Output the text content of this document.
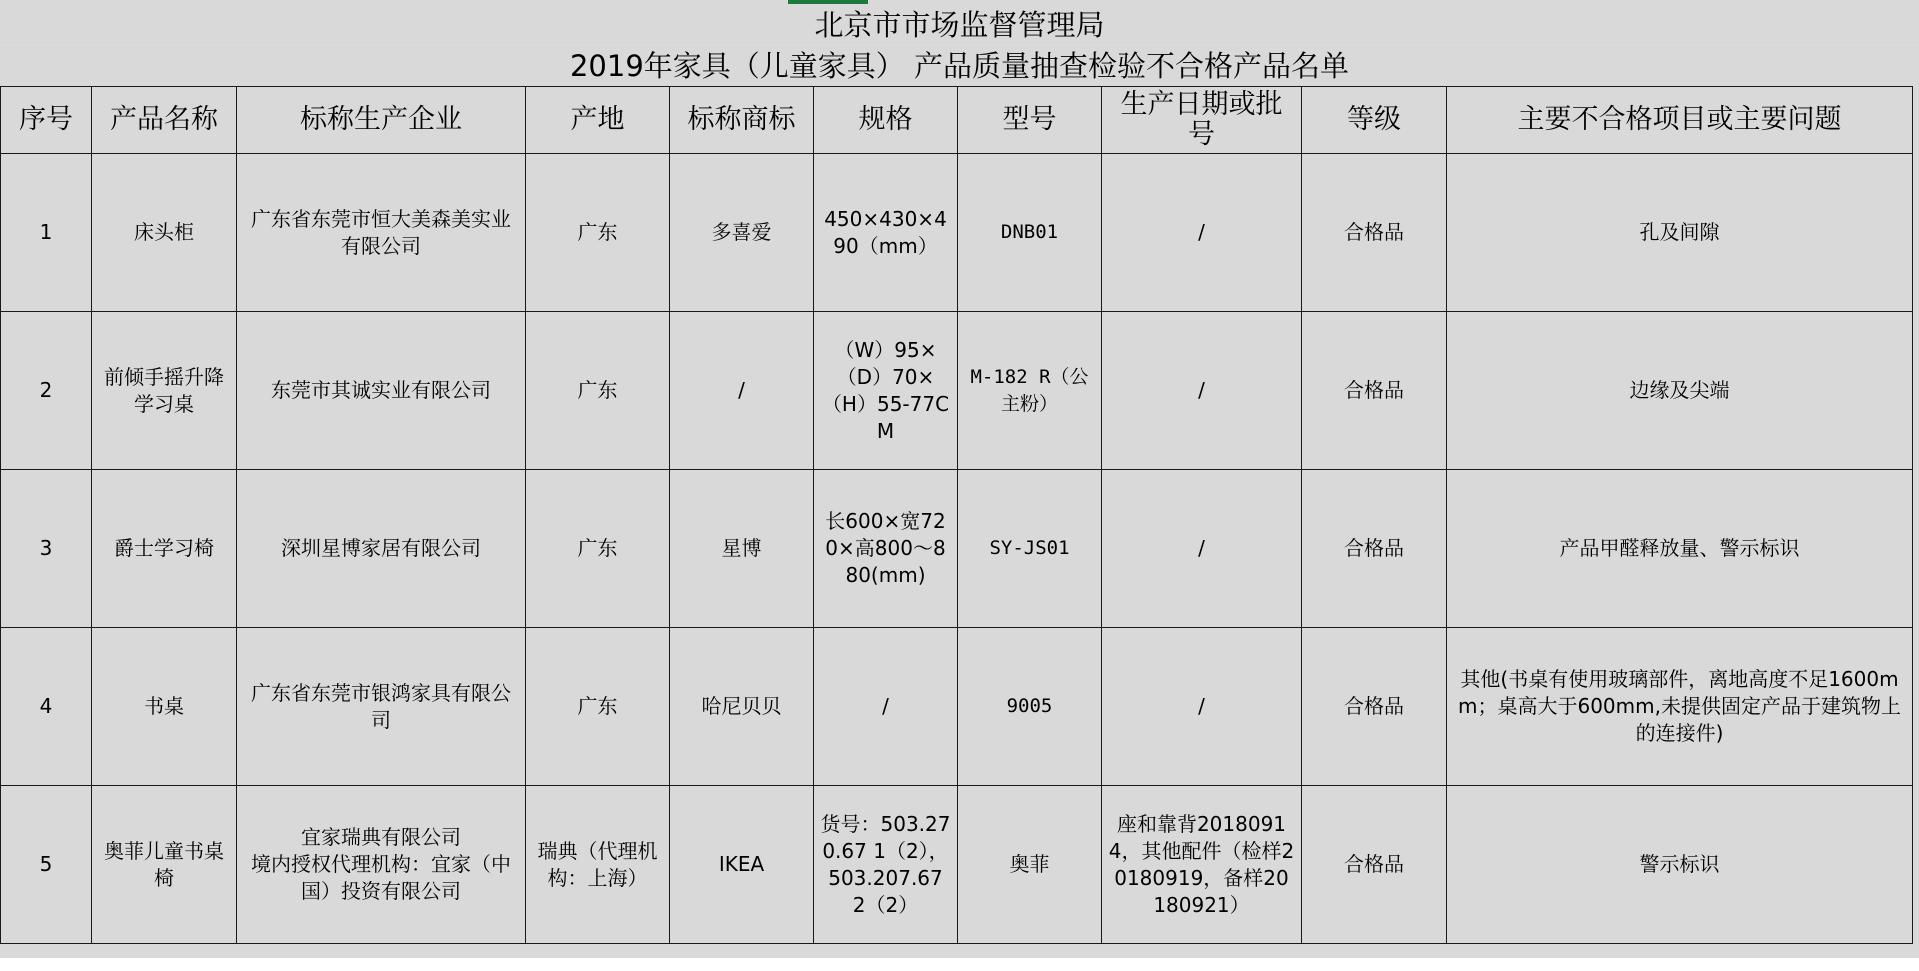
北京市市场监督管理局
2019年家具（儿童家具） 产品质量抽查检验不合格产品名单
序号	产品名称	标称生产企业	产地	标称商标	规格	型号	生产日期或批号	等级	主要不合格项目或主要问题
1	床头柜	广东省东莞市恒大美森美实业有限公司	广东	多喜爱	450×430×490（mm）	DNB01	/	合格品	孔及间隙
2	前倾手摇升降学习桌	东莞市其诚实业有限公司	广东	/	（W）95×（D）70×（H）55-77CM	M-182 R（公主粉）	/	合格品	边缘及尖端
3	爵士学习椅	深圳星博家居有限公司	广东	星博	长600×宽720×高800～880(mm)	SY-JS01	/	合格品	产品甲醛释放量、警示标识
4	书桌	广东省东莞市银鸿家具有限公司	广东	哈尼贝贝	/	9005	/	合格品	其他(书桌有使用玻璃部件，离地高度不足1600mm；桌高大于600mm,未提供固定产品于建筑物上的连接件)
5	奥菲儿童书桌椅	宜家瑞典有限公司
境内授权代理机构：宜家（中国）投资有限公司	瑞典（代理机构：上海）	IKEA	货号：503.270.67 1（2），503.207.67 2（2）	奥菲	座和靠背20180914，其他配件（检样20180919，备样20180921）	合格品	警示标识
